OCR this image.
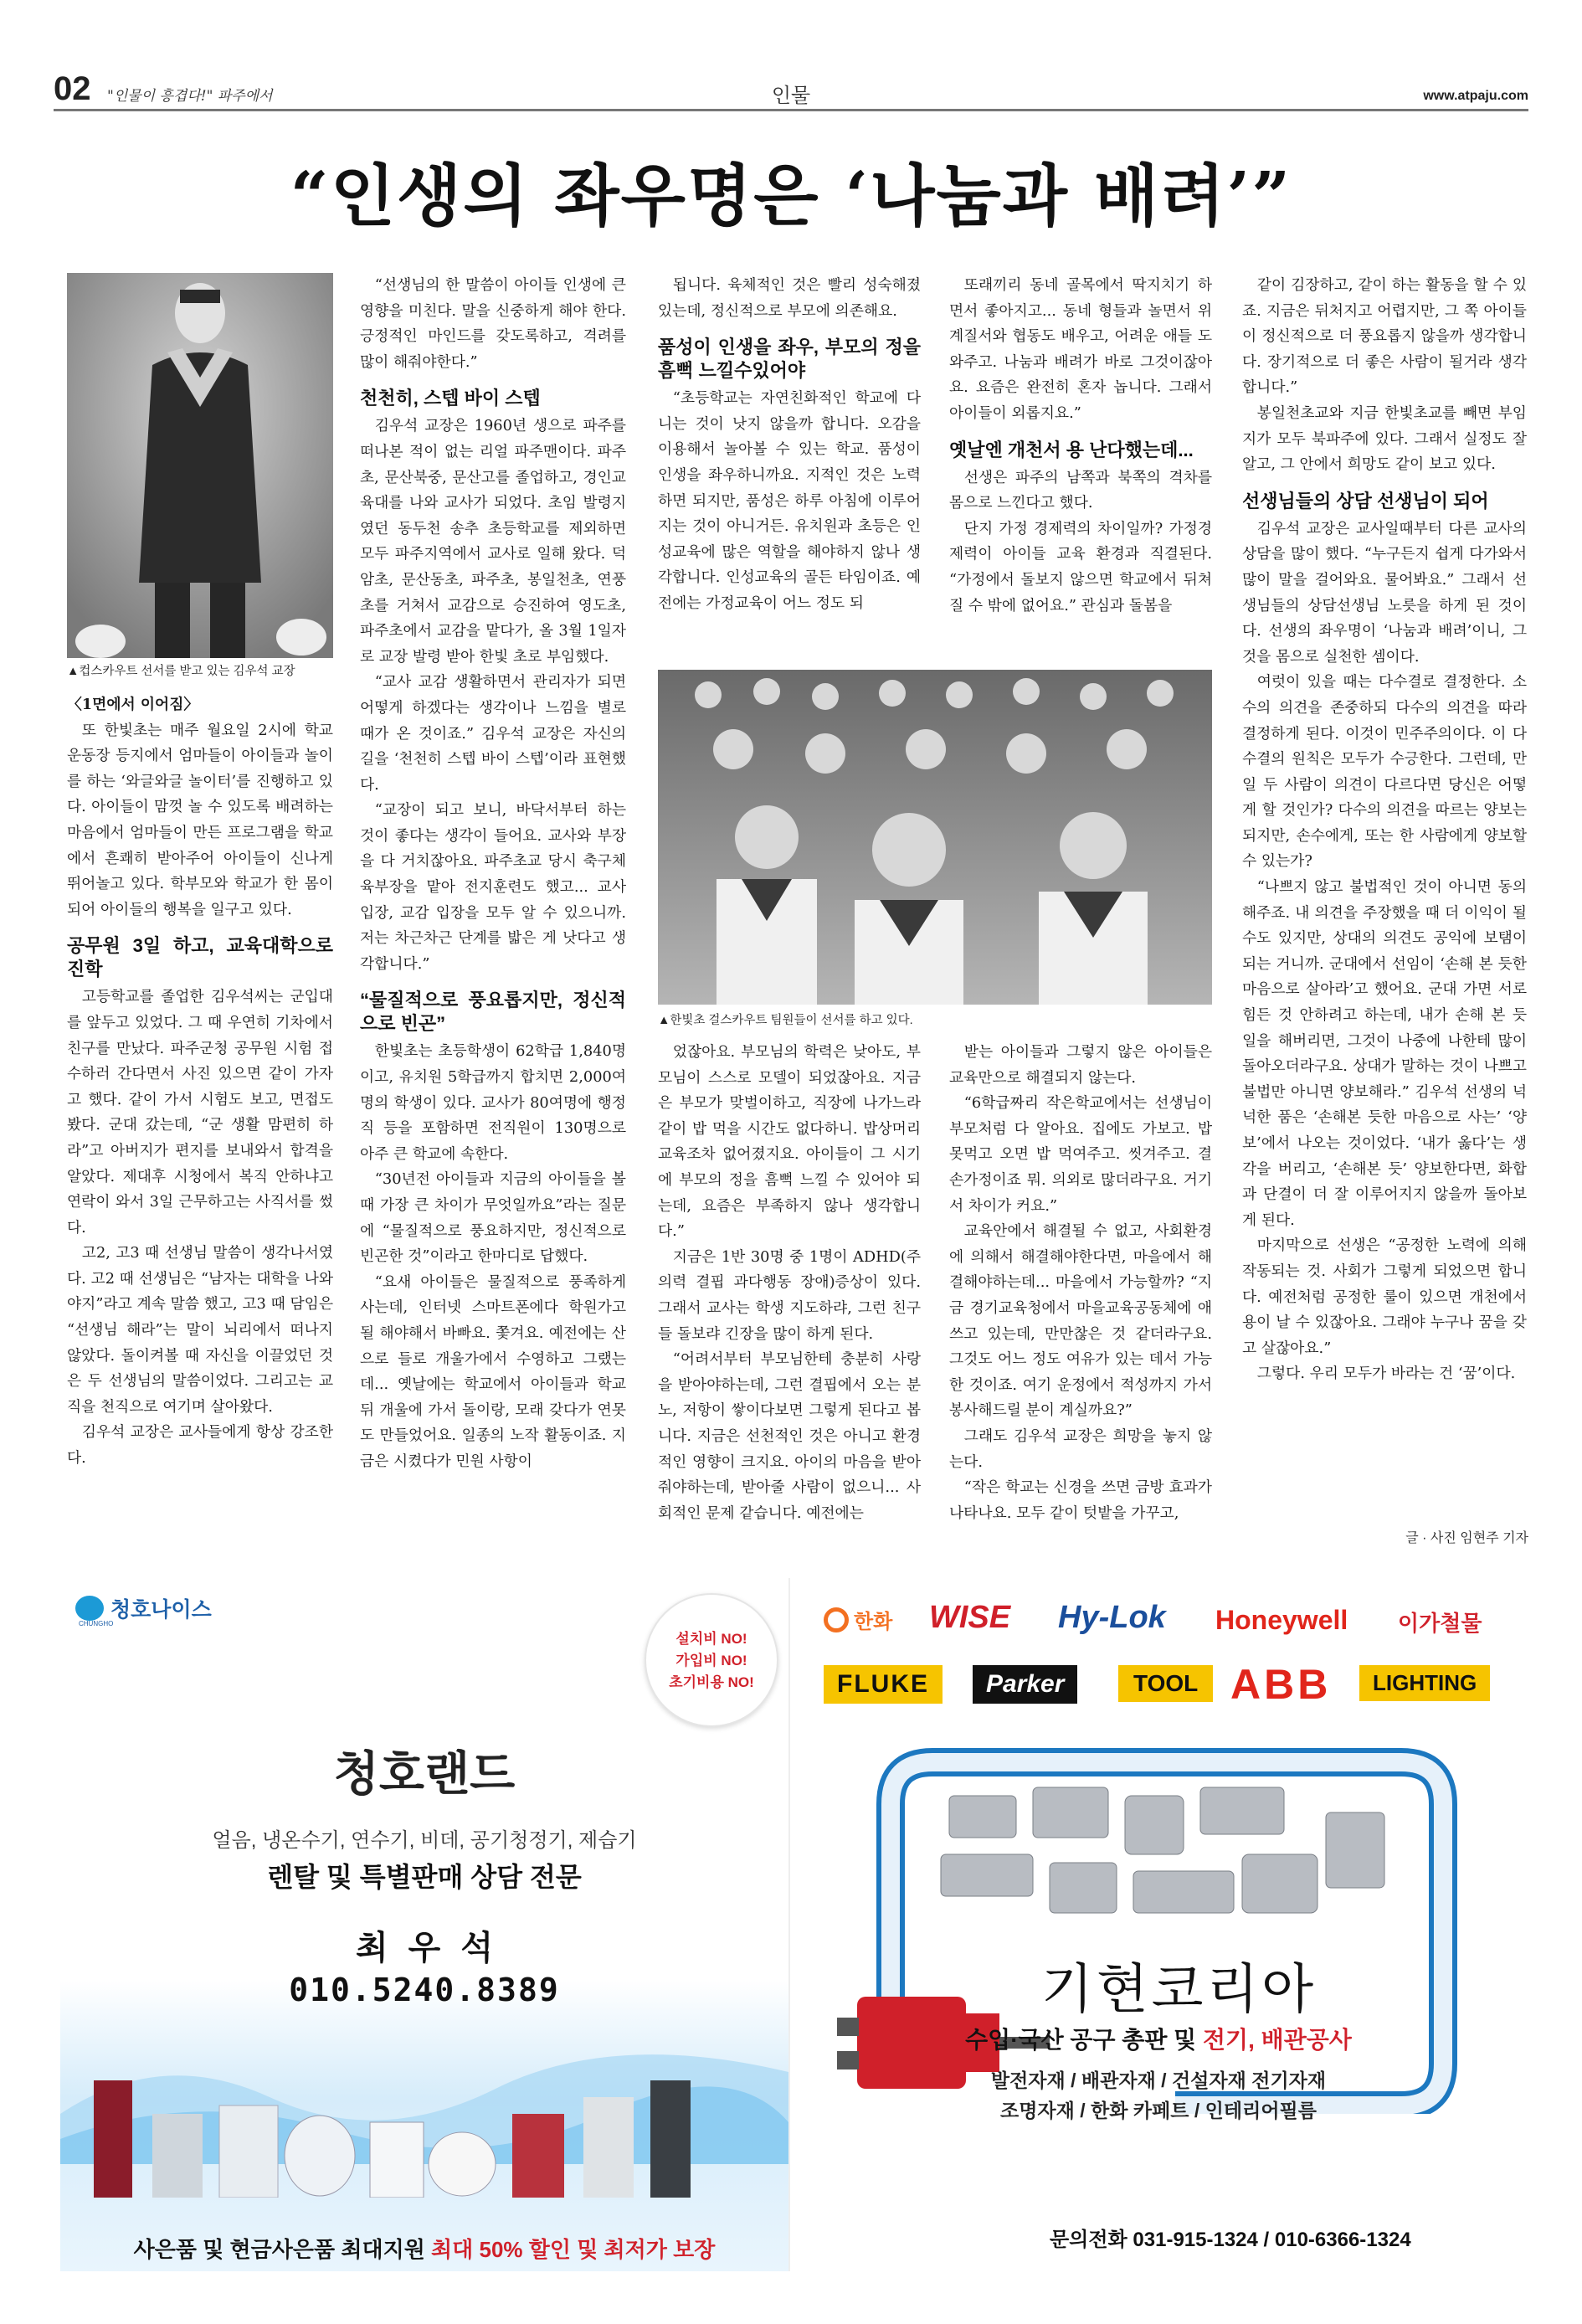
02 "인물이 흥겹다!" 파주에서	인물	www.atpaju.com
“인생의 좌우명은 ‘나눔과 배려’”
▲컵스카우트 선서를 받고 있는 김우석 교장

〈1면에서 이어짐〉

또 한빛초는 매주 월요일 2시에 학교 운동장 등지에서 엄마들이 아이들과 놀이를 하는 ‘와글와글 놀이터’를 진행하고 있다. 아이들이 맘껏 놀 수 있도록 배려하는 마음에서 엄마들이 만든 프로그램을 학교에서 흔쾌히 받아주어 아이들이 신나게 뛰어놀고 있다. 학부모와 학교가 한 몸이 되어 아이들의 행복을 일구고 있다.

공무원 3일 하고, 교육대학으로 진학

고등학교를 졸업한 김우석씨는 군입대를 앞두고 있었다. 그 때 우연히 기차에서 친구를 만났다. 파주군청 공무원 시험 접수하러 간다면서 사진 있으면 같이 가자고 했다. 같이 가서 시험도 보고, 면접도 봤다. 군대 갔는데, “군 생활 맘편히 하라”고 아버지가 편지를 보내와서 합격을 알았다. 제대후 시청에서 복직 안하냐고 연락이 와서 3일 근무하고는 사직서를 썼다.

고2, 고3 때 선생님 말씀이 생각나서였다. 고2 때 선생님은 “남자는 대학을 나와야지”라고 계속 말씀 했고, 고3 때 담임은 “선생님 해라”는 말이 뇌리에서 떠나지 않았다. 돌이켜볼 때 자신을 이끌었던 것은 두 선생님의 말씀이었다. 그리고는 교직을 천직으로 여기며 살아왔다.

김우석 교장은 교사들에게 항상 강조한다.

“선생님의 한 말씀이 아이들 인생에 큰 영향을 미친다. 말을 신중하게 해야 한다. 긍정적인 마인드를 갖도록하고, 격려를 많이 해줘야한다.”

천천히, 스텝 바이 스텝

김우석 교장은 1960년 생으로 파주를 떠나본 적이 없는 리얼 파주맨이다. 파주초, 문산북중, 문산고를 졸업하고, 경인교육대를 나와 교사가 되었다. 초임 발령지였던 동두천 송추 초등학교를 제외하면 모두 파주지역에서 교사로 일해 왔다. 덕암초, 문산동초, 파주초, 봉일천초, 연풍초를 거쳐서 교감으로 승진하여 영도초, 파주초에서 교감을 맡다가, 올 3월 1일자로 교장 발령 받아 한빛 초로 부임했다.

“교사 교감 생활하면서 관리자가 되면 어떻게 하겠다는 생각이나 느낌을 별로 때가 온 것이죠.” 김우석 교장은 자신의 길을 ‘천천히 스텝 바이 스텝’이라 표현했다.

“교장이 되고 보니, 바닥서부터 하는 것이 좋다는 생각이 들어요. 교사와 부장을 다 거치잖아요. 파주초교 당시 축구체육부장을 맡아 전지훈련도 했고... 교사 입장, 교감 입장을 모두 알 수 있으니까. 저는 차근차근 단계를 밟은 게 낫다고 생각합니다.”

“물질적으로 풍요롭지만, 정신적으로 빈곤”

한빛초는 초등학생이 62학급 1,840명이고, 유치원 5학급까지 합치면 2,000여명의 학생이 있다. 교사가 80여명에 행정직 등을 포함하면 전직원이 130명으로 아주 큰 학교에 속한다.

“30년전 아이들과 지금의 아이들을 볼 때 가장 큰 차이가 무엇일까요”라는 질문에 “물질적으로 풍요하지만, 정신적으로 빈곤한 것”이라고 한마디로 답했다.

“요새 아이들은 물질적으로 풍족하게 사는데, 인터넷 스마트폰에다 학원가고 될 해야해서 바빠요. 쫓겨요. 예전에는 산으로 들로 개울가에서 수영하고 그랬는데... 옛날에는 학교에서 아이들과 학교 뒤 개울에 가서 돌이랑, 모래 갖다가 연못도 만들었어요. 일종의 노작 활동이죠. 지금은 시켰다가 민원 사항이

됩니다. 육체적인 것은 빨리 성숙해졌있는데, 정신적으로 부모에 의존해요.

품성이 인생을 좌우, 부모의 정을 흠뻑 느낄수있어야

“초등학교는 자연친화적인 학교에 다니는 것이 낫지 않을까 합니다. 오감을 이용해서 놀아볼 수 있는 학교. 품성이 인생을 좌우하니까요. 지적인 것은 노력하면 되지만, 품성은 하루 아침에 이루어지는 것이 아니거든. 유치원과 초등은 인성교육에 많은 역할을 해야하지 않나 생각합니다. 인성교육의 골든 타임이죠. 예전에는 가정교육이 어느 정도 되

또래끼리 동네 골목에서 딱지치기 하면서 좋아지고... 동네 형들과 놀면서 위계질서와 협동도 배우고, 어려운 애들 도와주고. 나눔과 배려가 바로 그것이잖아요. 요즘은 완전히 혼자 놉니다. 그래서 아이들이 외롭지요.”

옛날엔 개천서 용 난다했는데...

선생은 파주의 남쪽과 북쪽의 격차를 몸으로 느낀다고 했다.

단지 가정 경제력의 차이일까? 가정경제력이 아이들 교육 환경과 직결된다. “가정에서 돌보지 않으면 학교에서 뒤쳐질 수 밖에 없어요.” 관심과 돌봄을

▲한빛초 걸스카우트 팀원들이 선서를 하고 있다.

었잖아요. 부모님의 학력은 낮아도, 부모님이 스스로 모델이 되었잖아요. 지금은 부모가 맞벌이하고, 직장에 나가느라 같이 밥 먹을 시간도 없다하니. 밥상머리 교육조차 없어졌지요. 아이들이 그 시기에 부모의 정을 흠뻑 느낄 수 있어야 되는데, 요즘은 부족하지 않나 생각합니다.”

지금은 1반 30명 중 1명이 ADHD(주의력 결핍 과다행동 장애)증상이 있다. 그래서 교사는 학생 지도하랴, 그런 친구들 돌보랴 긴장을 많이 하게 된다.

“어려서부터 부모님한테 충분히 사랑을 받아야하는데, 그런 결핍에서 오는 분노, 저항이 쌓이다보면 그렇게 된다고 봅니다. 지금은 선천적인 것은 아니고 환경적인 영향이 크지요. 아이의 마음을 받아줘야하는데, 받아줄 사람이 없으니... 사회적인 문제 같습니다. 예전에는

받는 아이들과 그렇지 않은 아이들은 교육만으로 해결되지 않는다.

“6학급짜리 작은학교에서는 선생님이 부모처럼 다 알아요. 집에도 가보고. 밥 못먹고 오면 밥 먹여주고. 씻겨주고. 결손가정이죠 뭐. 의외로 많더라구요. 거기서 차이가 커요.”

교육안에서 해결될 수 없고, 사회환경에 의해서 해결해야한다면, 마을에서 해결해야하는데... 마을에서 가능할까? “지금 경기교육청에서 마을교육공동체에 애쓰고 있는데, 만만찮은 것 같더라구요. 그것도 어느 정도 여유가 있는 데서 가능한 것이죠. 여기 운정에서 적성까지 가서 봉사해드릴 분이 계실까요?”

그래도 김우석 교장은 희망을 놓지 않는다.

“작은 학교는 신경을 쓰면 금방 효과가 나타나요. 모두 같이 텃밭을 가꾸고,

같이 김장하고, 같이 하는 활동을 할 수 있죠. 지금은 뒤처지고 어렵지만, 그 쪽 아이들이 정신적으로 더 풍요롭지 않을까 생각합니다. 장기적으로 더 좋은 사람이 될거라 생각합니다.”

봉일천초교와 지금 한빛초교를 빼면 부임지가 모두 북파주에 있다. 그래서 실정도 잘 알고, 그 안에서 희망도 같이 보고 있다.

선생님들의 상담 선생님이 되어

김우석 교장은 교사일때부터 다른 교사의 상담을 많이 했다. “누구든지 쉽게 다가와서 많이 말을 걸어와요. 물어봐요.” 그래서 선생님들의 상담선생님 노릇을 하게 된 것이다. 선생의 좌우명이 ‘나눔과 배려’이니, 그것을 몸으로 실천한 셈이다.

여럿이 있을 때는 다수결로 결정한다. 소수의 의견을 존중하되 다수의 의견을 따라 결정하게 된다. 이것이 민주주의이다. 이 다수결의 원칙은 모두가 수긍한다. 그런데, 만일 두 사람이 의견이 다르다면 당신은 어떻게 할 것인가? 다수의 의견을 따르는 양보는 되지만, 손수에게, 또는 한 사람에게 양보할 수 있는가?

“나쁘지 않고 불법적인 것이 아니면 동의해주죠. 내 의견을 주장했을 때 더 이익이 될 수도 있지만, 상대의 의견도 공익에 보탬이 되는 거니까. 군대에서 선임이 ‘손해 본 듯한 마음으로 살아라’고 했어요. 군대 가면 서로 힘든 것 안하려고 하는데, 내가 손해 본 듯 일을 해버리면, 그것이 나중에 나한테 많이 돌아오더라구요. 상대가 말하는 것이 나쁘고 불법만 아니면 양보해라.” 김우석 선생의 넉넉한 품은 ‘손해본 듯한 마음으로 사는’ ‘양보’에서 나오는 것이었다. ‘내가 옳다’는 생각을 버리고, ‘손해본 듯’ 양보한다면, 화합과 단결이 더 잘 이루어지지 않을까 돌아보게 된다.

마지막으로 선생은 “공정한 노력에 의해 작동되는 것. 사회가 그렇게 되었으면 합니다. 예전처럼 공정한 룰이 있으면 개천에서 용이 날 수 있잖아요. 그래야 누구나 꿈을 갖고 살잖아요.”

그렇다. 우리 모두가 바라는 건 ‘꿈’이다.

글 · 사진 임현주 기자
청호나이스
CHUNGHO
설치비 NO!
가입비 NO!
초기비용 NO!
청호랜드
얼음, 냉온수기, 연수기, 비데, 공기청정기, 제습기
렌탈 및 특별판매 상담 전문
최 우 석
010.5240.8389
사은품 및 현금사은품 최대지원 최대 50% 할인 및 최저가 보장
한화 WISE Hy-Lok Honeywell 이가철물
FLUKE	Parker	TOOL ABB	LIGHTING
기현코리아
수입·국산 공구 총판 및 전기, 배관공사
발전자재 / 배관자재 / 건설자재 전기자재
조명자재 / 한화 카페트 / 인테리어필름
문의전화 031-915-1324 / 010-6366-1324
